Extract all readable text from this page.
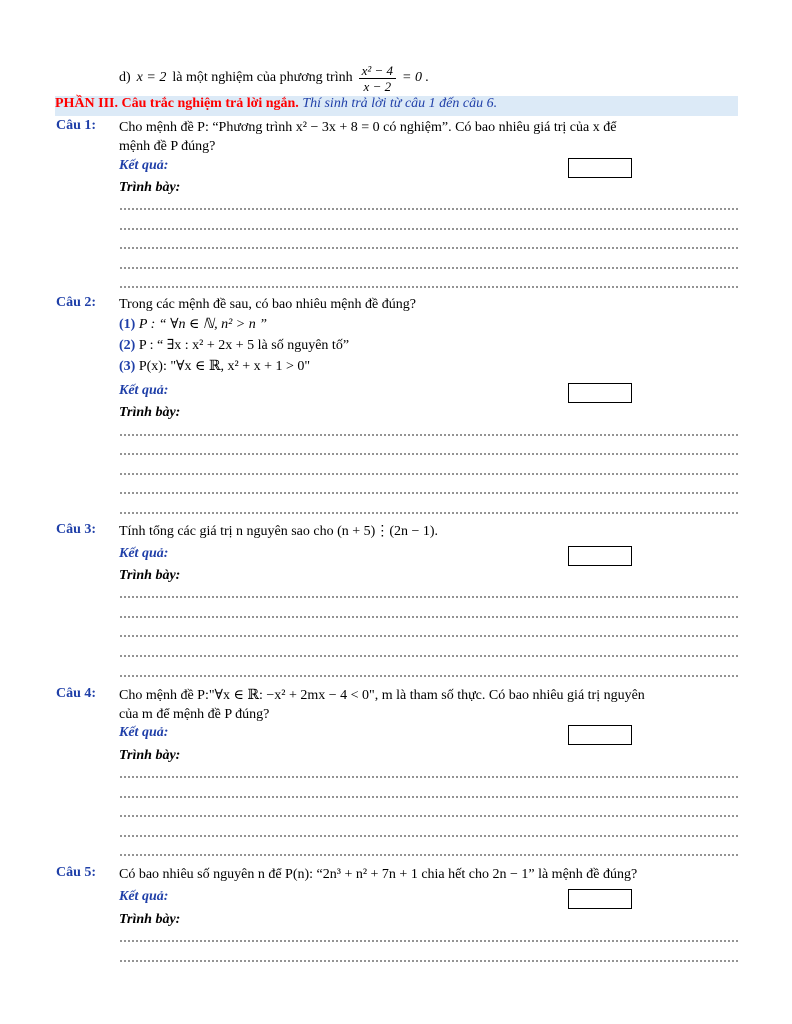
d) x = 2 là một nghiệm của phương trình $\frac{\text{x² − 4}}{x - 2} = 0$ .
PHẦN III. Câu trắc nghiệm trả lời ngắn. Thí sinh trả lời từ câu 1 đến câu 6.
Câu 1: Cho mệnh đề P: “Phương trình x² − 3x + 8 = 0 có nghiệm”. Có bao nhiêu giá trị của x để
mệnh đề P đúng?
Kết quả:
Trình bày:
Câu 2: Trong các mệnh đề sau, có bao nhiêu mệnh đề đúng?
(1) P : “ ∀n ∈ ℕ, n² > n ”
(2) P : “ ∃x : x² + 2x + 5 là số nguyên tố”
(3) P(x): "∀x ∈ ℝ, x² + x + 1 > 0"
Kết quả:
Trình bày:
Câu 3: Tính tổng các giá trị n nguyên sao cho (n + 5)⋮(2n − 1).
Kết quả:
Trình bày:
Câu 4: Cho mệnh đề P:"∀x ∈ ℝ: −x² + 2mx − 4 < 0", m là tham số thực. Có bao nhiêu giá trị nguyên
của m để mệnh đề P đúng?
Kết quả:
Trình bày:
Câu 5: Có bao nhiêu số nguyên n để P(n): “2n³ + n² + 7n + 1 chia hết cho 2n − 1” là mệnh đề đúng?
Kết quả:
Trình bày:
